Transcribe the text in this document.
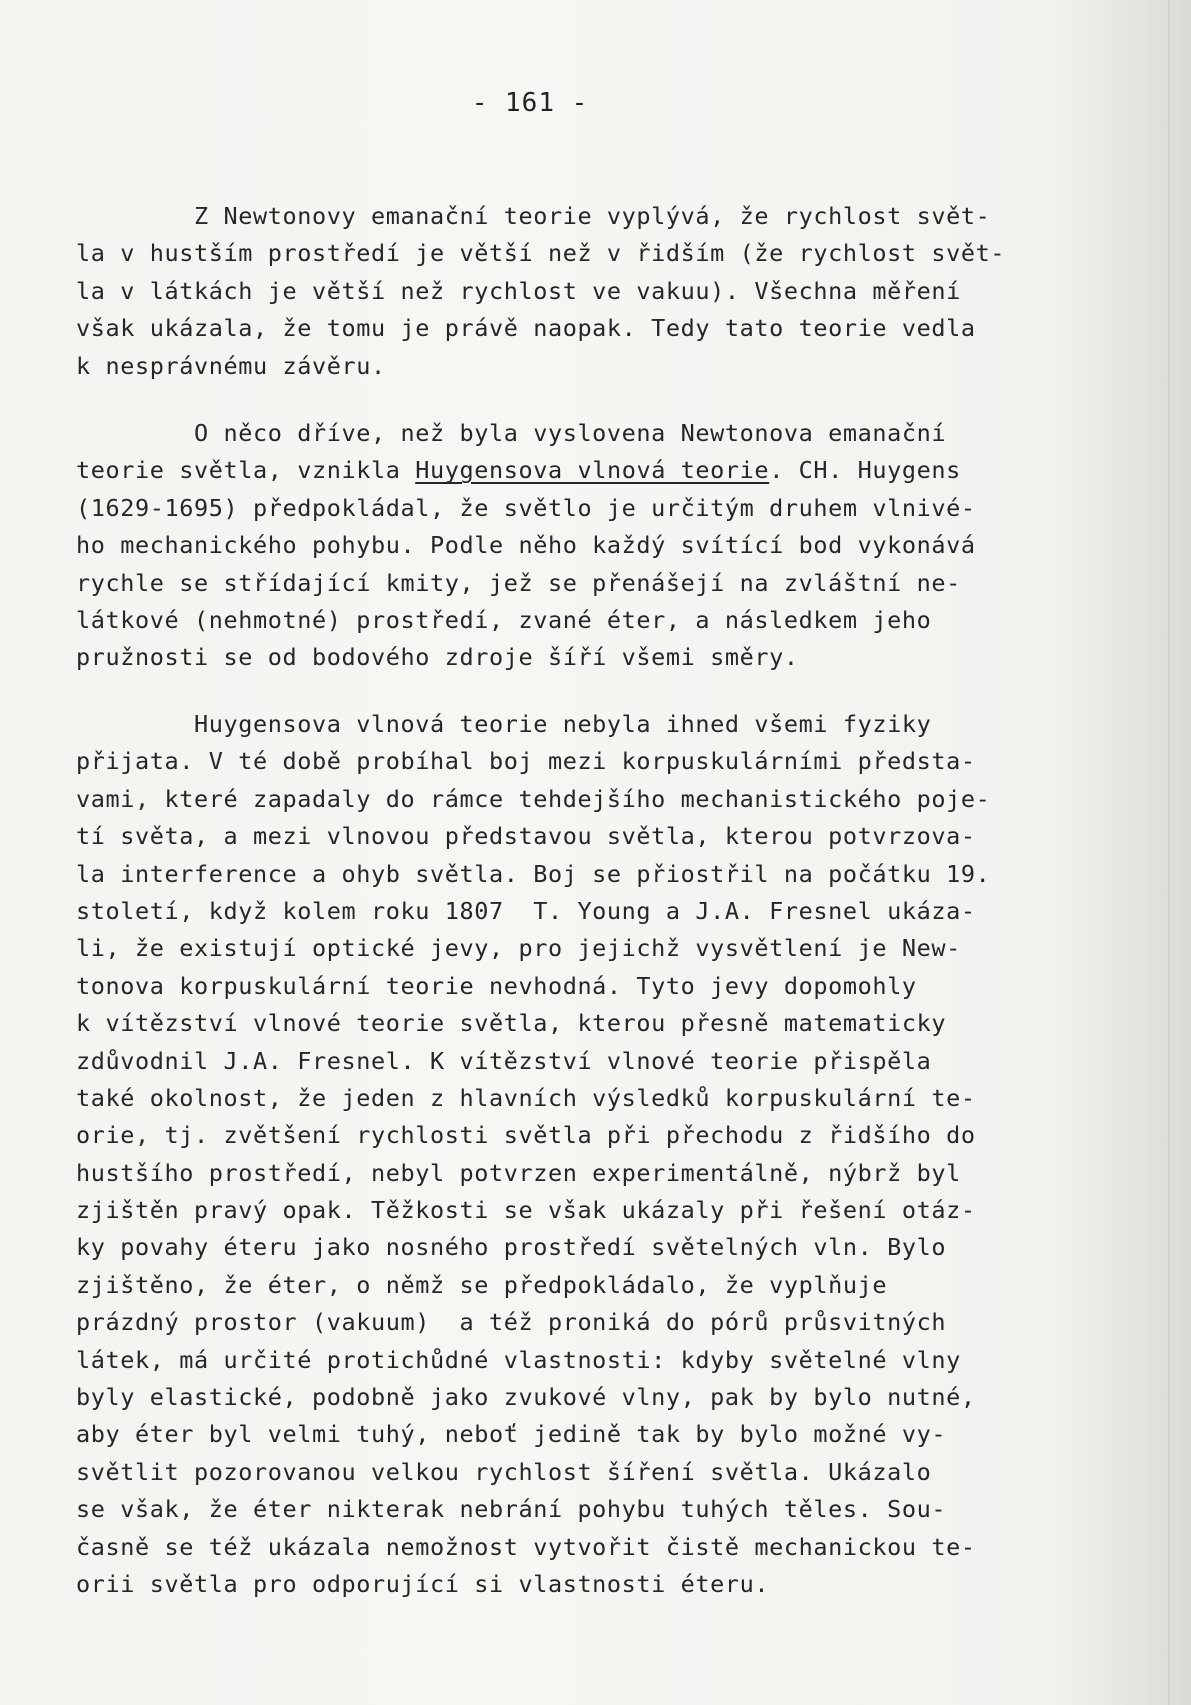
- 161 -
Z Newtonovy emanační teorie vyplývá, že rychlost svět-
la v hustším prostředí je větší než v řidším (že rychlost svět-
la v látkách je větší než rychlost ve vakuu). Všechna měření
však ukázala, že tomu je právě naopak. Tedy tato teorie vedla
k nesprávnému závěru.
O něco dříve, než byla vyslovena Newtonova emanační
teorie světla, vznikla Huygensova vlnová teorie. CH. Huygens
(1629-1695) předpokládal, že světlo je určitým druhem vlnivé-
ho mechanického pohybu. Podle něho každý svítící bod vykonává
rychle se střídající kmity, jež se přenášejí na zvláštní ne-
látkové (nehmotné) prostředí, zvané éter, a následkem jeho
pružnosti se od bodového zdroje šíří všemi směry.
Huygensova vlnová teorie nebyla ihned všemi fyziky
přijata. V té době probíhal boj mezi korpuskulárními předsta-
vami, které zapadaly do rámce tehdejšího mechanistického poje-
tí světa, a mezi vlnovou představou světla, kterou potvrzova-
la interference a ohyb světla. Boj se přiostřil na počátku 19.
století, když kolem roku 1807  T. Young a J.A. Fresnel ukáza-
li, že existují optické jevy, pro jejichž vysvětlení je New-
tonova korpuskulární teorie nevhodná. Tyto jevy dopomohly
k vítězství vlnové teorie světla, kterou přesně matematicky
zdůvodnil J.A. Fresnel. K vítězství vlnové teorie přispěla
také okolnost, že jeden z hlavních výsledků korpuskulární te-
orie, tj. zvětšení rychlosti světla při přechodu z řidšího do
hustšího prostředí, nebyl potvrzen experimentálně, nýbrž byl
zjištěn pravý opak. Těžkosti se však ukázaly při řešení otáz-
ky povahy éteru jako nosného prostředí světelných vln. Bylo
zjištěno, že éter, o němž se předpokládalo, že vyplňuje
prázdný prostor (vakuum)  a též proniká do pórů průsvitných
látek, má určité protichůdné vlastnosti: kdyby světelné vlny
byly elastické, podobně jako zvukové vlny, pak by bylo nutné,
aby éter byl velmi tuhý, neboť jedině tak by bylo možné vy-
světlit pozorovanou velkou rychlost šíření světla. Ukázalo
se však, že éter nikterak nebrání pohybu tuhých těles. Sou-
časně se též ukázala nemožnost vytvořit čistě mechanickou te-
orii světla pro odporující si vlastnosti éteru.
